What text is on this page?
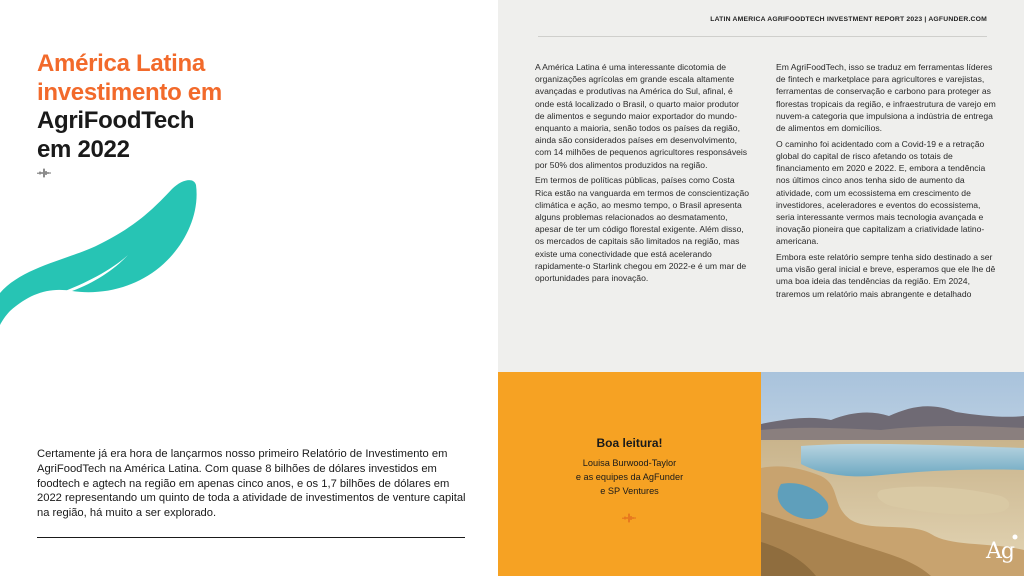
LATIN AMERICA AGRIFOODTECH INVESTMENT REPORT 2023 | AGFUNDER.COM
América Latina
investimento em
AgriFoodTech
em 2022

Certamente já era hora de lançarmos nosso primeiro Relatório de Investimento em AgriFoodTech na América Latina. Com quase 8 bilhões de dólares investidos em foodtech e agtech na região em apenas cinco anos, e os 1,7 bilhões de dólares em 2022 representando um quinto de toda a atividade de investimentos de venture capital na região, há muito a ser explorado.

A América Latina é uma interessante dicotomia de organizações agrícolas em grande escala altamente avançadas e produtivas na América do Sul, afinal, é onde está localizado o Brasil, o quarto maior produtor de alimentos e segundo maior exportador do mundo-enquanto a maioria, senão todos os países da região, ainda são considerados países em desenvolvimento, com 14 milhões de pequenos agricultores responsáveis por 50% dos alimentos produzidos na região.

Em termos de políticas públicas, países como Costa Rica estão na vanguarda em termos de conscientização climática e ação, ao mesmo tempo, o Brasil apresenta alguns problemas relacionados ao desmatamento, apesar de ter um código florestal exigente. Além disso, os mercados de capitais são limitados na região, mas existe uma conectividade que está acelerando rapidamente-o Starlink chegou em 2022-e é um mar de oportunidades para inovação.

Em AgriFoodTech, isso se traduz em ferramentas líderes de fintech e marketplace para agricultores e varejistas, ferramentas de conservação e carbono para proteger as florestas tropicais da região, e infraestrutura de varejo em nuvem-a categoria que impulsiona a indústria de entrega de alimentos em domicílios.

O caminho foi acidentado com a Covid-19 e a retração global do capital de risco afetando os totais de financiamento em 2020 e 2022. E, embora a tendência nos últimos cinco anos tenha sido de aumento da atividade, com um ecossistema em crescimento de investidores, aceleradores e eventos do ecossistema, seria interessante vermos mais tecnologia avançada e inovação pioneira que capitalizam a criatividade latino-americana.

Embora este relatório sempre tenha sido destinado a ser uma visão geral inicial e breve, esperamos que ele lhe dê uma boa ideia das tendências da região. Em 2024, traremos um relatório mais abrangente e detalhado

Boa leitura!
Louisa Burwood-Taylor
e as equipes da AgFunder
e SP Ventures
Ag
